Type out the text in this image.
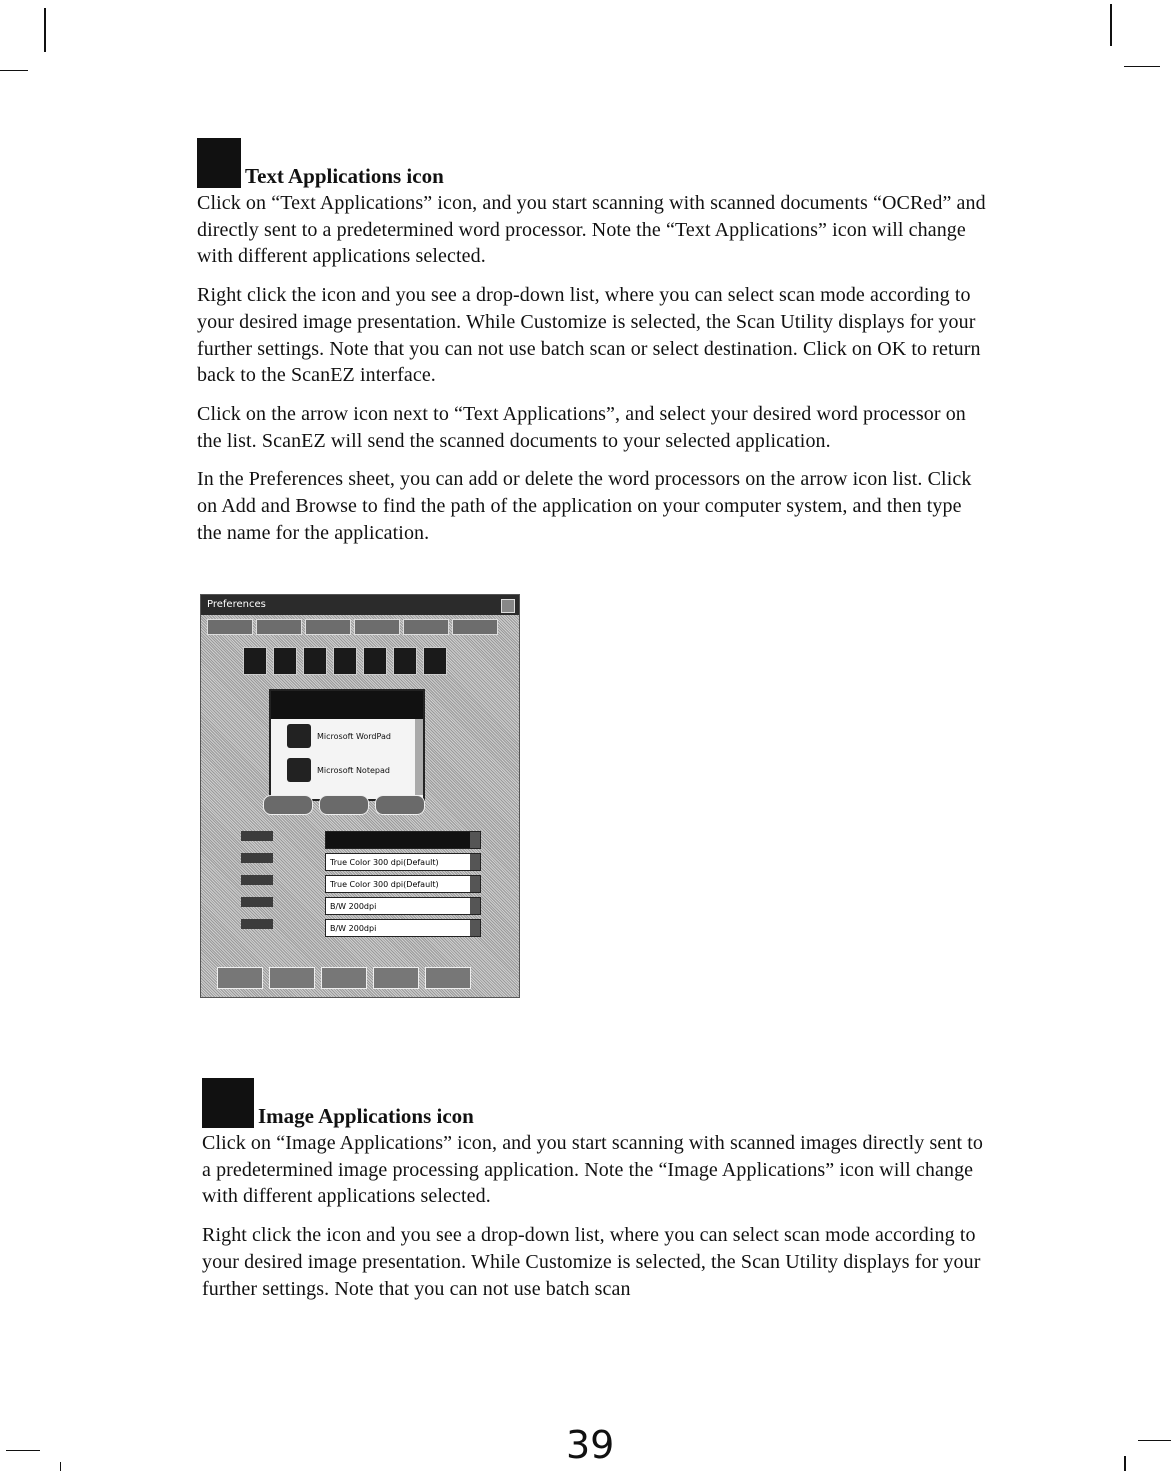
Text Applications icon

Click on “Text Applications” icon, and you start scanning with scanned documents “OCRed” and directly sent to a predetermined word processor. Note the “Text Applications” icon will change with different applications selected.

Right click the icon and you see a drop-down list, where you can select scan mode according to your desired image presentation. While Customize is selected, the Scan Utility displays for your further settings. Note that you can not use batch scan or select destination. Click on OK to return back to the ScanEZ interface.

Click on the arrow icon next to “Text Applications”, and select your desired word processor on the list. ScanEZ will send the scanned documents to your selected application.

In the Preferences sheet, you can add or delete the word processors on the arrow icon list. Click on Add and Browse to find the path of the application on your computer system, and then type the name for the application.

Preferences
Microsoft WordPad
Microsoft Notepad
True Color 300 dpi(Default)
True Color 300 dpi(Default)
B/W 200dpi
B/W 200dpi
Image Applications icon

Click on “Image Applications” icon, and you start scanning with scanned images directly sent to a predetermined image processing application. Note the “Image Applications” icon will change with different applications selected.

Right click the icon and you see a drop-down list, where you can select scan mode according to your desired image presentation. While Customize is selected, the Scan Utility displays for your further settings. Note that you can not use batch scan

39
